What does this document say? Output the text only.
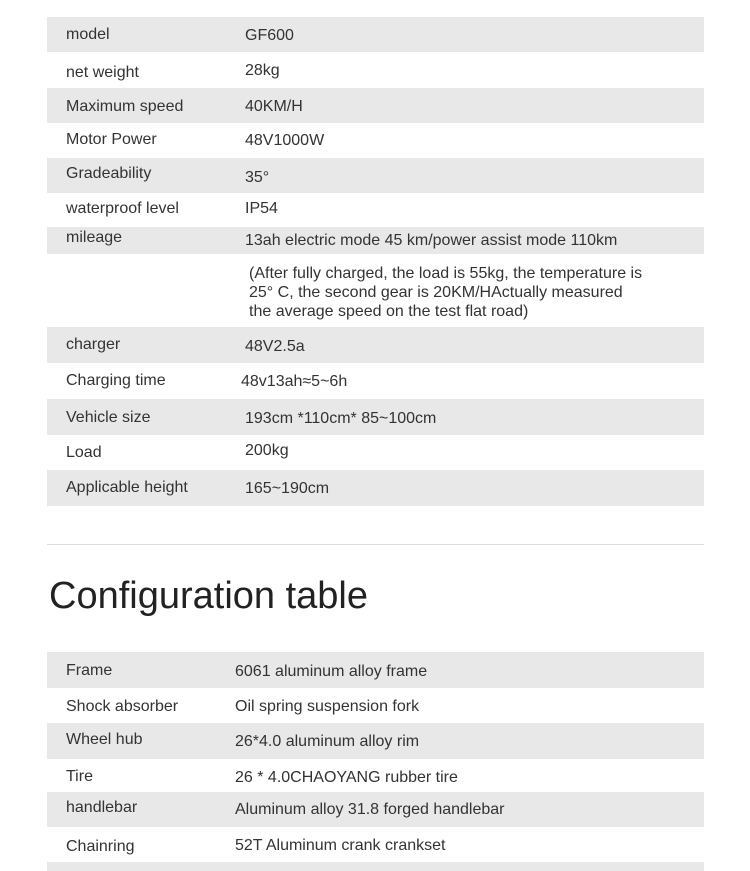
model	GF600
net weight	28kg
Maximum speed	40KM/H
Motor Power	48V1000W
Gradeability	35°
waterproof level	IP54
mileage	13ah electric mode 45 km/power assist mode 110km
(After fully charged, the load is 55kg, the temperature is
25° C, the second gear is 20KM/HActually measured
the average speed on the test flat road)
charger	48V2.5a
Charging time	48v13ah≈5~6h
Vehicle size	193cm *110cm* 85~100cm
Load	200kg
Applicable height	165~190cm
Configuration table
Frame	6061 aluminum alloy frame
Shock absorber	Oil spring suspension fork
Wheel hub	26*4.0 aluminum alloy rim
Tire	26 * 4.0CHAOYANG rubber tire
handlebar	Aluminum alloy 31.8 forged handlebar
Chainring	52T Aluminum crank crankset
